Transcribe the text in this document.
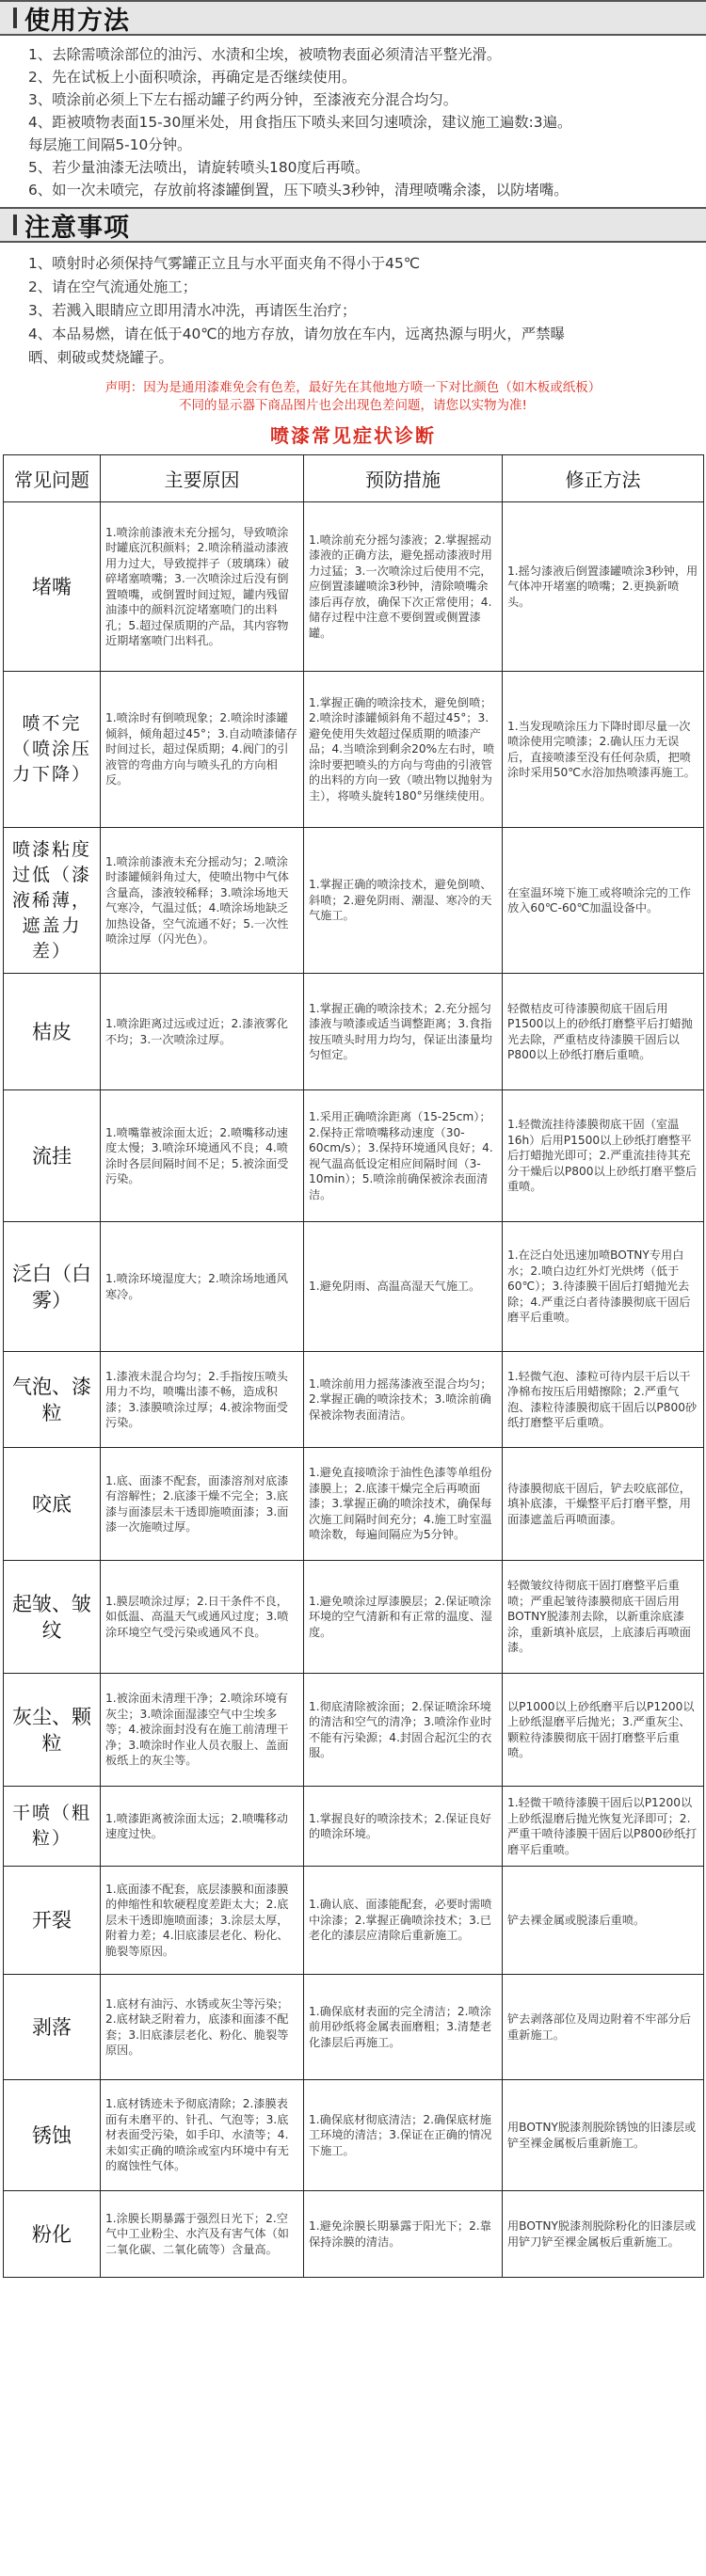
使用方法

1、去除需喷涂部位的油污、水渍和尘埃，被喷物表面必须清洁平整光滑。

2、先在试板上小面积喷涂，再确定是否继续使用。

3、喷涂前必须上下左右摇动罐子约两分钟，至漆液充分混合均匀。

4、距被喷物表面15-30厘米处，用食指压下喷头来回匀速喷涂，建议施工遍数:3遍。

每层施工间隔5-10分钟。

5、若少量油漆无法喷出，请旋转喷头180度后再喷。

6、如一次未喷完，存放前将漆罐倒置，压下喷头3秒钟，清理喷嘴余漆，以防堵嘴。

注意事项

1、喷射时必须保持气雾罐正立且与水平面夹角不得小于45℃

2、请在空气流通处施工；

3、若溅入眼睛应立即用清水冲洗，再请医生治疗；

4、本品易燃，请在低于40℃的地方存放，请勿放在车内，远离热源与明火，严禁曝

晒、刺破或焚烧罐子。

声明：因为是通用漆难免会有色差，最好先在其他地方喷一下对比颜色（如木板或纸板）

不同的显示器下商品图片也会出现色差问题，请您以实物为准!

喷漆常见症状诊断
常见问题	主要原因	预防措施	修正方法
堵嘴	1.喷涂前漆液未充分摇匀，导致喷涂时罐底沉积颜料；2.喷涂稍溢动漆液用力过大，导致搅拌子（玻璃珠）破碎堵塞喷嘴；3.一次喷涂过后没有倒置喷嘴，或倒置时间过短，罐内残留油漆中的颜料沉淀堵塞喷门的出料孔；5.超过保质期的产品，其内容物近期堵塞喷门出料孔。	1.喷涂前充分摇匀漆液；2.掌握摇动漆液的正确方法，避免摇动漆液时用力过猛；3.一次喷涂过后使用不完，应倒置漆罐喷涂3秒钟，清除喷嘴余漆后再存放，确保下次正常使用；4.储存过程中注意不要倒置或侧置漆罐。	1.摇匀漆液后倒置漆罐喷涂3秒钟，用气体冲开堵塞的喷嘴；2.更换新喷头。
喷不完（喷涂压力下降）	1.喷涂时有倒喷现象；2.喷涂时漆罐倾斜，倾角超过45°；3.自动喷漆储存时间过长，超过保质期；4.阀门的引液管的弯曲方向与喷头孔的方向相反。	1.掌握正确的喷涂技术，避免倒喷；2.喷涂时漆罐倾斜角不超过45°；3.避免使用失效超过保质期的喷漆产品；4.当喷涂到剩余20%左右时，喷涂时要把喷头的方向与弯曲的引液管的出料的方向一致（喷出物以抛射为主），将喷头旋转180°另继续使用。	1.当发现喷涂压力下降时即尽量一次喷涂使用完喷漆；2.确认压力无误后，直接喷漆至没有任何杂质，把喷涂时采用50℃水浴加热喷漆再施工。
喷漆粘度过低（漆液稀薄，遮盖力差）	1.喷涂前漆液未充分摇动匀；2.喷涂时漆罐倾斜角过大，使喷出物中气体含量高，漆液较稀释；3.喷涂场地天气寒冷，气温过低；4.喷涂场地缺乏加热设备，空气流通不好；5.一次性喷涂过厚（闪光色）。	1.掌握正确的喷涂技术，避免倒喷、斜喷；2.避免阴雨、潮湿、寒冷的天气施工。	在室温环境下施工或将喷涂完的工作放入60℃-60℃加温设备中。
桔皮	1.喷涂距离过远或过近；2.漆液雾化不均；3.一次喷涂过厚。	1.掌握正确的喷涂技术；2.充分摇匀漆液与喷漆或适当调整距离；3.食指按压喷头时用力均匀，保证出漆量均匀恒定。	轻微桔皮可待漆膜彻底干固后用P1500以上的砂纸打磨整平后打蜡抛光去除，严重桔皮待漆膜干固后以P800以上砂纸打磨后重喷。
流挂	1.喷嘴靠被涂面太近；2.喷嘴移动速度太慢；3.喷涂环境通风不良；4.喷涂时各层间隔时间不足；5.被涂面受污染。	1.采用正确喷涂距离（15-25cm）；2.保持正常喷嘴移动速度（30-60cm/s）；3.保持环境通风良好；4.视气温高低设定相应间隔时间（3-10min）；5.喷涂前确保被涂表面清洁。	1.轻微流挂待漆膜彻底干固（室温16h）后用P1500以上砂纸打磨整平后打蜡抛光即可；2.严重流挂待其充分干燥后以P800以上砂纸打磨平整后重喷。
泛白（白雾）	1.喷涂环境湿度大；2.喷涂场地通风寒冷。	1.避免阴雨、高温高湿天气施工。	1.在泛白处迅速加喷BOTNY专用白水；2.喷白边红外灯光烘烤（低于60℃）；3.待漆膜干固后打蜡抛光去除；4.严重泛白者待漆膜彻底干固后磨平后重喷。
气泡、漆粒	1.漆液未混合均匀；2.手指按压喷头用力不均，喷嘴出漆不畅，造成积漆；3.漆膜喷涂过厚；4.被涂物面受污染。	1.喷涂前用力摇荡漆液至混合均匀；2.掌握正确的喷涂技术；3.喷涂前确保被涂物表面清洁。	1.轻微气泡、漆粒可待内层干后以干净棉布按压后用蜡擦除；2.严重气泡、漆粒待漆膜彻底干固后以P800砂纸打磨整平后重喷。
咬底	1.底、面漆不配套，面漆溶剂对底漆有溶解性；2.底漆干燥不完全；3.底漆与面漆层未干透即施喷面漆；3.面漆一次施喷过厚。	1.避免直接喷涂于油性色漆等单组份漆膜上；2.底漆干燥完全后再喷面漆；3.掌握正确的喷涂技术，确保每次施工间隔时间充分；4.施工时室温喷涂数，每遍间隔应为5分钟。	待漆膜彻底干固后，铲去咬底部位，填补底漆，干燥整平后打磨平整，用面漆遮盖后再喷面漆。
起皱、皱纹	1.膜层喷涂过厚；2.日干条件不良，如低温、高温天气或通风过度；3.喷涂环境空气受污染或通风不良。	1.避免喷涂过厚漆膜层；2.保证喷涂环境的空气清新和有正常的温度、湿度。	轻微皱纹待彻底干固打磨整平后重喷；严重起皱待漆膜彻底干固后用BOTNY脱漆剂去除，以新重涂底漆涂，重新填补底层，上底漆后再喷面漆。
灰尘、颗粒	1.被涂面未清理干净；2.喷涂环境有灰尘；3.喷涂面湿漆空气中尘埃多等；4.被涂面封没有在施工前清理干净；3.喷涂时作业人员衣服上、盖面板纸上的灰尘等。	1.彻底清除被涂面；2.保证喷涂环境的清洁和空气的清净；3.喷涂作业时不能有污染源；4.封固合起沉尘的衣服。	以P1000以上砂纸磨平后以P1200以上砂纸湿磨平后抛光；3.严重灰尘、颗粒待漆膜彻底干固打磨整平后重喷。
干喷（粗粒）	1.喷漆距离被涂面太远；2.喷嘴移动速度过快。	1.掌握良好的喷涂技术；2.保证良好的喷涂环境。	1.轻微干喷待漆膜干固后以P1200以上砂纸湿磨后抛光恢复光泽即可；2.严重干喷待漆膜干固后以P800砂纸打磨平后重喷。
开裂	1.底面漆不配套，底层漆膜和面漆膜的伸缩性和软硬程度差距太大；2.底层未干透即施喷面漆；3.涂层太厚，附着力差；4.旧底漆层老化、粉化、脆裂等原因。	1.确认底、面漆能配套，必要时需喷中涂漆；2.掌握正确喷涂技术；3.已老化的漆层应清除后重新施工。	铲去裸金属或脱漆后重喷。
剥落	1.底材有油污、水锈或灰尘等污染；2.底材缺乏附着力，底漆和面漆不配套；3.旧底漆层老化、粉化、脆裂等原因。	1.确保底材表面的完全清洁；2.喷涂前用砂纸将金属表面磨粗；3.清楚老化漆层后再施工。	铲去剥落部位及周边附着不牢部分后重新施工。
锈蚀	1.底材锈迹未予彻底清除；2.漆膜表面有未磨平的、针孔、气泡等；3.底材表面受污染，如手印、水渍等；4.未如实正确的喷涂或室内环境中有无的腐蚀性气体。	1.确保底材彻底清洁；2.确保底材施工环境的清洁；3.保证在正确的情况下施工。	用BOTNY脱漆剂脱除锈蚀的旧漆层或铲至裸金属板后重新施工。
粉化	1.涂膜长期暴露于强烈日光下；2.空气中工业粉尘、水汽及有害气体（如二氧化碳、二氧化硫等）含量高。	1.避免涂膜长期暴露于阳光下；2.靠保持涂膜的清洁。	用BOTNY脱漆剂脱除粉化的旧漆层或用铲刀铲至裸金属板后重新施工。
